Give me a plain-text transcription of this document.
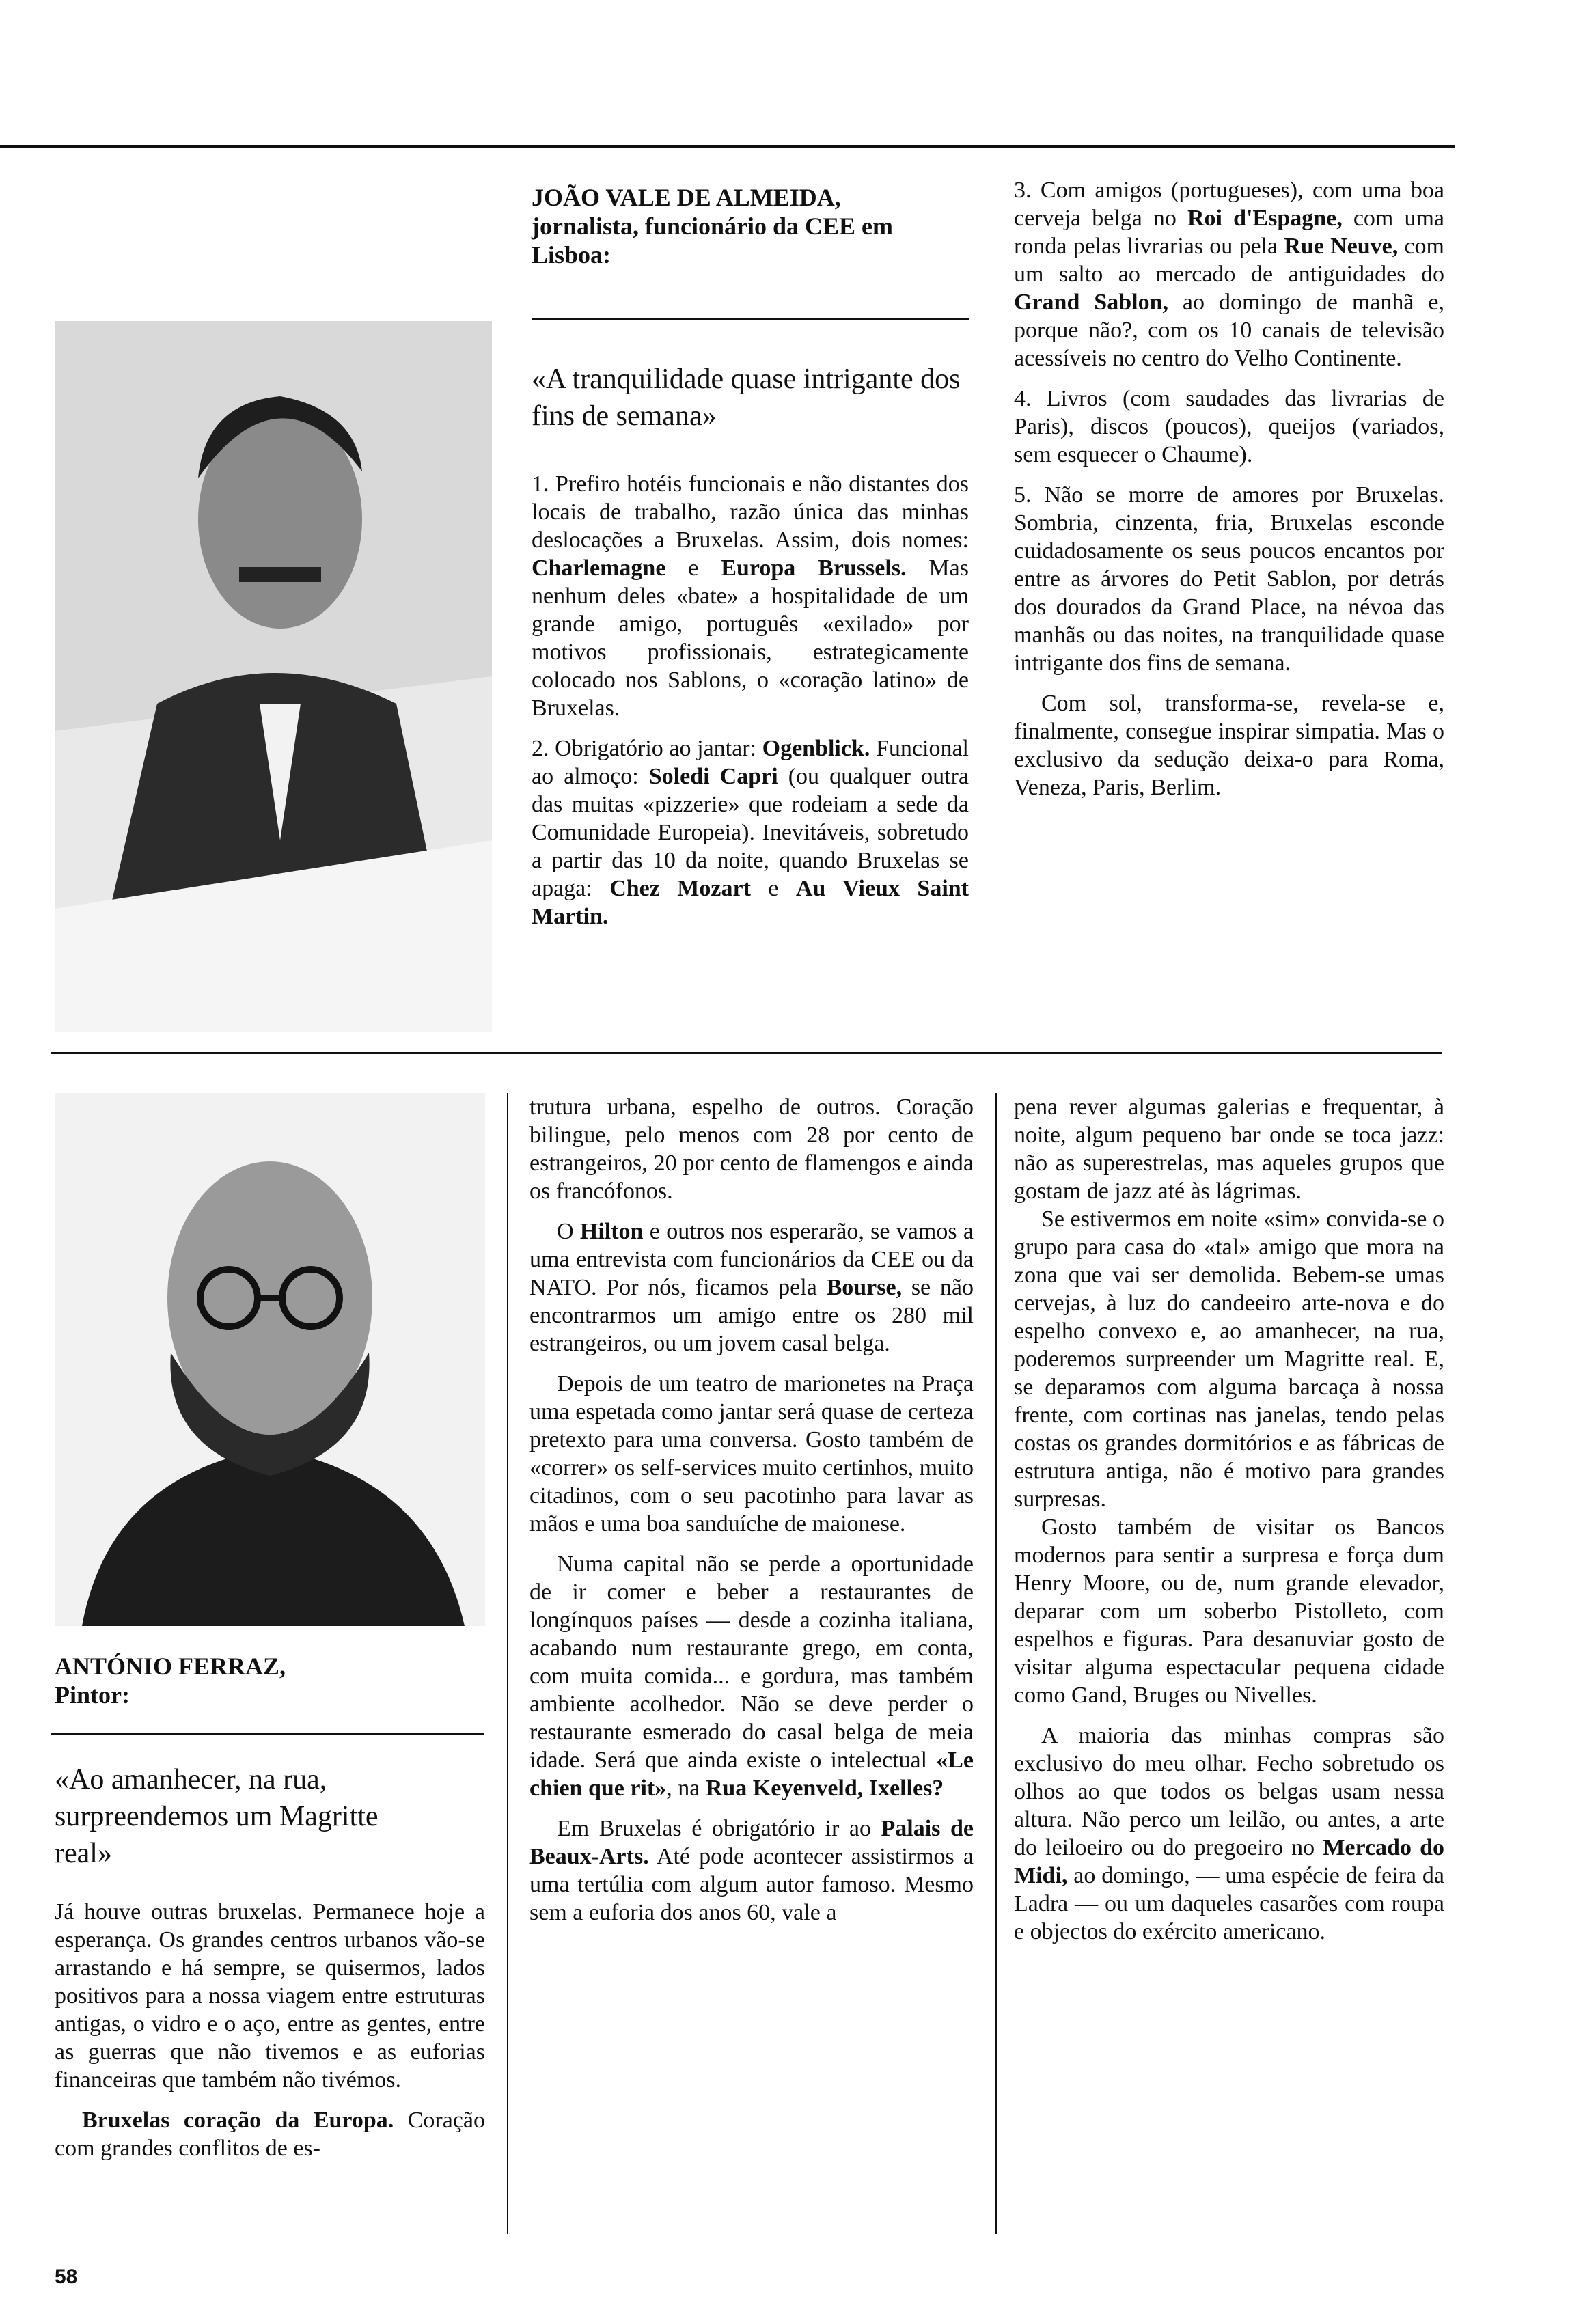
JOÃO VALE DE ALMEIDA,
jornalista, funcionário da CEE em Lisboa:
«A tranquilidade quase intrigante dos fins de semana»

1. Prefiro hotéis funcionais e não distantes dos locais de trabalho, razão única das minhas deslocações a Bruxelas. Assim, dois nomes: Charlemagne e Europa Brussels. Mas nenhum deles «bate» a hospitalidade de um grande amigo, português «exilado» por motivos profissionais, estrategicamente colocado nos Sablons, o «coração latino» de Bruxelas.

2. Obrigatório ao jantar: Ogenblick. Funcional ao almoço: Soledi Capri (ou qualquer outra das muitas «pizzerie» que rodeiam a sede da Comunidade Europeia). Inevitáveis, sobretudo a partir das 10 da noite, quando Bruxelas se apaga: Chez Mozart e Au Vieux Saint Martin.

3. Com amigos (portugueses), com uma boa cerveja belga no Roi d'Espagne, com uma ronda pelas livrarias ou pela Rue Neuve, com um salto ao mercado de antiguidades do Grand Sablon, ao domingo de manhã e, porque não?, com os 10 canais de televisão acessíveis no centro do Velho Continente.

4. Livros (com saudades das livrarias de Paris), discos (poucos), queijos (variados, sem esquecer o Chaume).

5. Não se morre de amores por Bruxelas. Sombria, cinzenta, fria, Bruxelas esconde cuidadosamente os seus poucos encantos por entre as árvores do Petit Sablon, por detrás dos dourados da Grand Place, na névoa das manhãs ou das noites, na tranquilidade quase intrigante dos fins de semana.

Com sol, transforma-se, revela-se e, finalmente, consegue inspirar simpatia. Mas o exclusivo da sedução deixa-o para Roma, Veneza, Paris, Berlim.

ANTÓNIO FERRAZ,
Pintor:
«Ao amanhecer, na rua, surpreendemos um Magritte real»

Já houve outras bruxelas. Permanece hoje a esperança. Os grandes centros urbanos vão-se arrastando e há sempre, se quisermos, lados positivos para a nossa viagem entre estruturas antigas, o vidro e o aço, entre as gentes, entre as guerras que não tivemos e as euforias financeiras que também não tivémos.

Bruxelas coração da Europa. Coração com grandes conflitos de es-

trutura urbana, espelho de outros. Coração bilingue, pelo menos com 28 por cento de estrangeiros, 20 por cento de flamengos e ainda os francófonos.

O Hilton e outros nos esperarão, se vamos a uma entrevista com funcionários da CEE ou da NATO. Por nós, ficamos pela Bourse, se não encontrarmos um amigo entre os 280 mil estrangeiros, ou um jovem casal belga.

Depois de um teatro de marionetes na Praça uma espetada como jantar será quase de certeza pretexto para uma conversa. Gosto também de «correr» os self-services muito certinhos, muito citadinos, com o seu pacotinho para lavar as mãos e uma boa sanduíche de maionese.

Numa capital não se perde a oportunidade de ir comer e beber a restaurantes de longínquos países — desde a cozinha italiana, acabando num restaurante grego, em conta, com muita comida... e gordura, mas também ambiente acolhedor. Não se deve perder o restaurante esmerado do casal belga de meia idade. Será que ainda existe o intelectual «Le chien que rit», na Rua Keyenveld, Ixelles?

Em Bruxelas é obrigatório ir ao Palais de Beaux-Arts. Até pode acontecer assistirmos a uma tertúlia com algum autor famoso. Mesmo sem a euforia dos anos 60, vale a

pena rever algumas galerias e frequentar, à noite, algum pequeno bar onde se toca jazz: não as superestrelas, mas aqueles grupos que gostam de jazz até às lágrimas.

Se estivermos em noite «sim» convida-se o grupo para casa do «tal» amigo que mora na zona que vai ser demolida. Bebem-se umas cervejas, à luz do candeeiro arte-nova e do espelho convexo e, ao amanhecer, na rua, poderemos surpreender um Magritte real. E, se deparamos com alguma barcaça à nossa frente, com cortinas nas janelas, tendo pelas costas os grandes dormitórios e as fábricas de estrutura antiga, não é motivo para grandes surpresas.

Gosto também de visitar os Bancos modernos para sentir a surpresa e força dum Henry Moore, ou de, num grande elevador, deparar com um soberbo Pistolleto, com espelhos e figuras. Para desanuviar gosto de visitar alguma espectacular pequena cidade como Gand, Bruges ou Nivelles.

A maioria das minhas compras são exclusivo do meu olhar. Fecho sobretudo os olhos ao que todos os belgas usam nessa altura. Não perco um leilão, ou antes, a arte do leiloeiro ou do pregoeiro no Mercado do Midi, ao domingo, — uma espécie de feira da Ladra — ou um daqueles casarões com roupa e objectos do exército americano.

58
